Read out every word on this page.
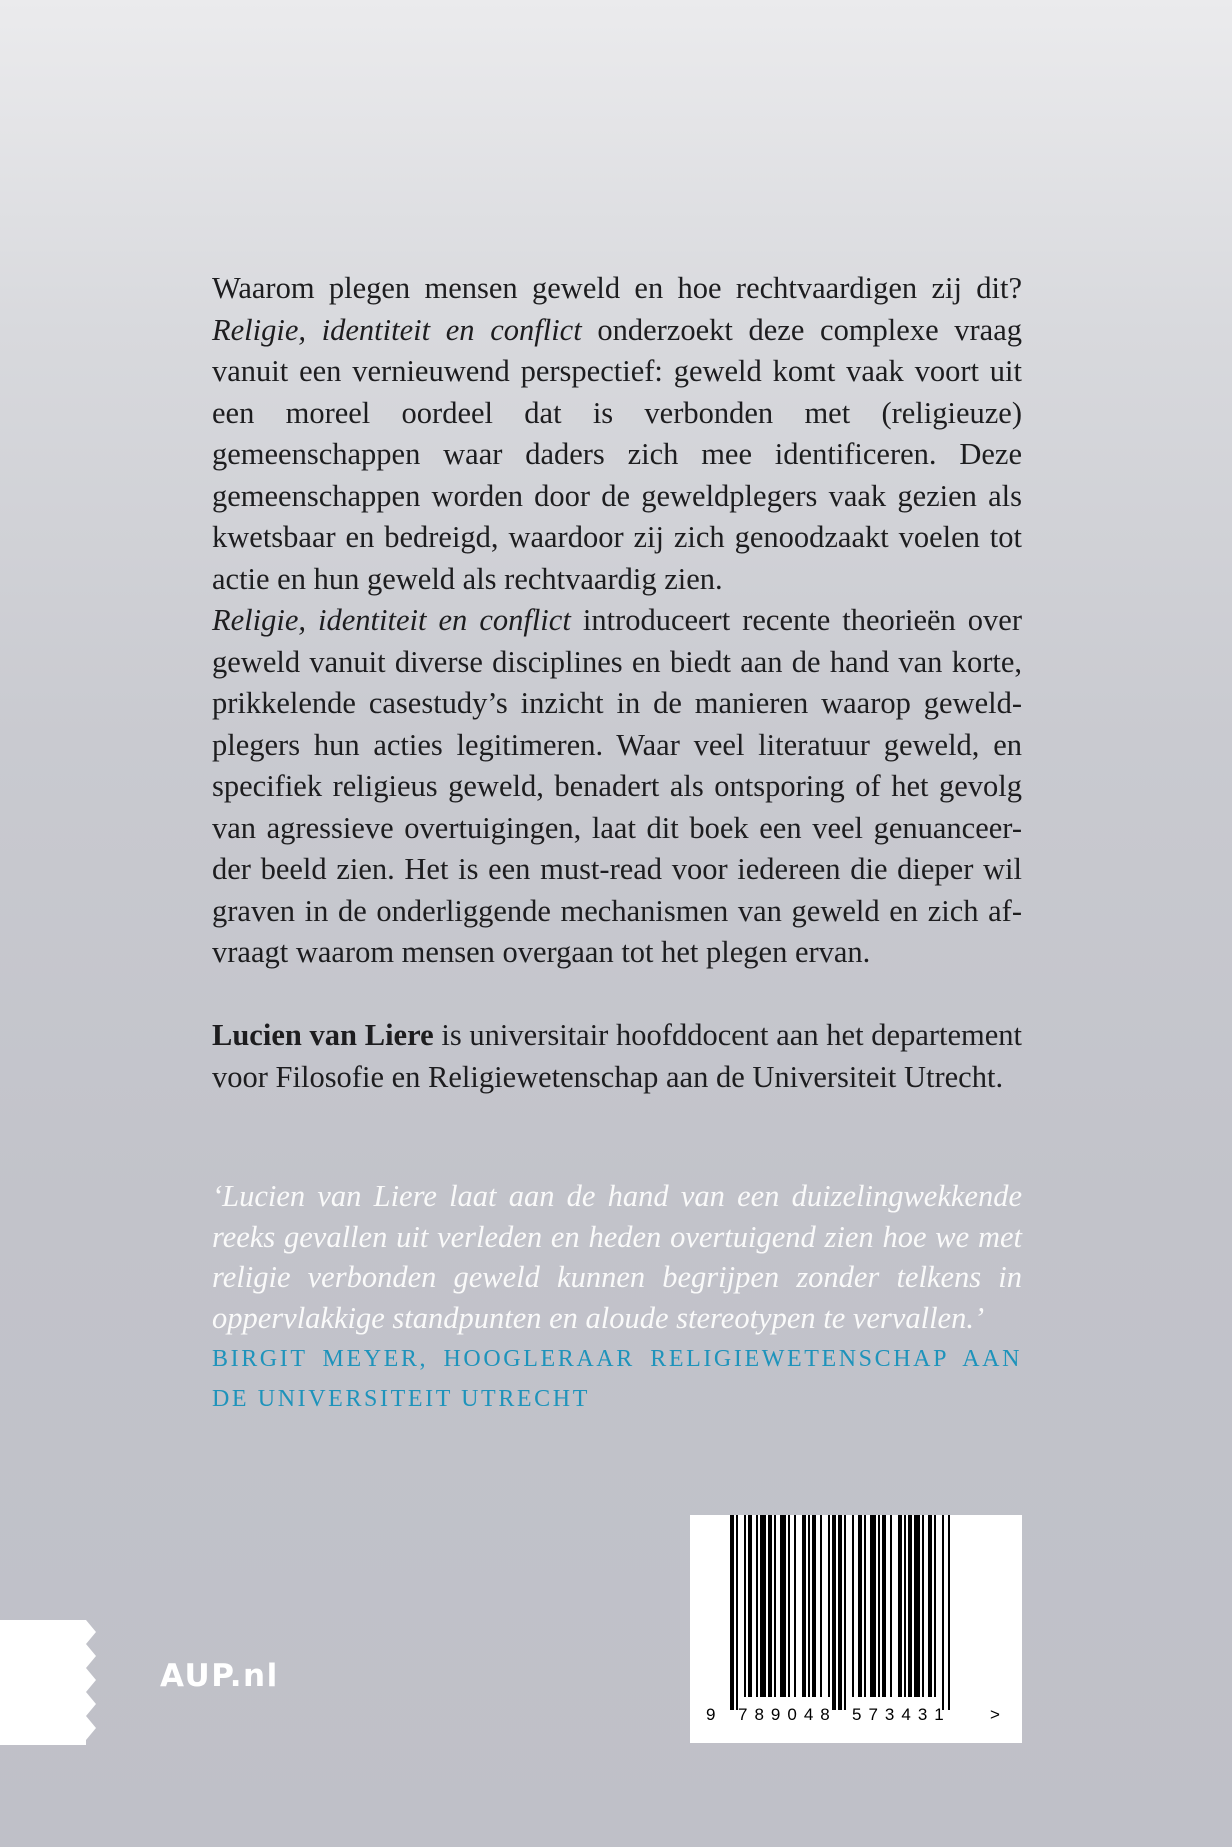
Waarom plegen mensen geweld en hoe rechtvaardigen zij dit? Religie, identiteit en conflict onderzoekt deze complexe vraag vanuit een vernieuwend perspectief: geweld komt vaak voort uit een moreel oordeel dat is verbonden met (religieuze) gemeenschappen waar daders zich mee identificeren. Deze gemeenschappen worden door de geweldplegers vaak gezien als kwetsbaar en bedreigd, waardoor zij zich genoodzaakt voelen tot actie en hun geweld als rechtvaardig zien.

Religie, identiteit en conflict introduceert recente theorieën over geweld vanuit diverse disciplines en biedt aan de hand van korte, prikkelende casestudy’s inzicht in de manieren waarop geweld-plegers hun acties legitimeren. Waar veel literatuur geweld, en specifiek religieus geweld, benadert als ontsporing of het gevolg van agressieve overtuigingen, laat dit boek een veel genuanceer-der beeld zien. Het is een must-read voor iedereen die dieper wil graven in de onderliggende mechanismen van geweld en zich af-vraagt waarom mensen overgaan tot het plegen ervan.

Lucien van Liere is universitair hoofddocent aan het departement voor Filosofie en Religiewetenschap aan de Universiteit Utrecht.

‘Lucien van Liere laat aan de hand van een duizelingwekkende reeks gevallen uit verleden en heden overtuigend zien hoe we met religie verbonden geweld kunnen begrijpen zonder telkens in oppervlakkige standpunten en aloude stereotypen te vervallen.’
BIRGIT MEYER, HOOGLERAAR RELIGIEWETENSCHAP AAN DE UNIVERSITEIT UTRECHT
9 789048 573431 >
AUP.nl
